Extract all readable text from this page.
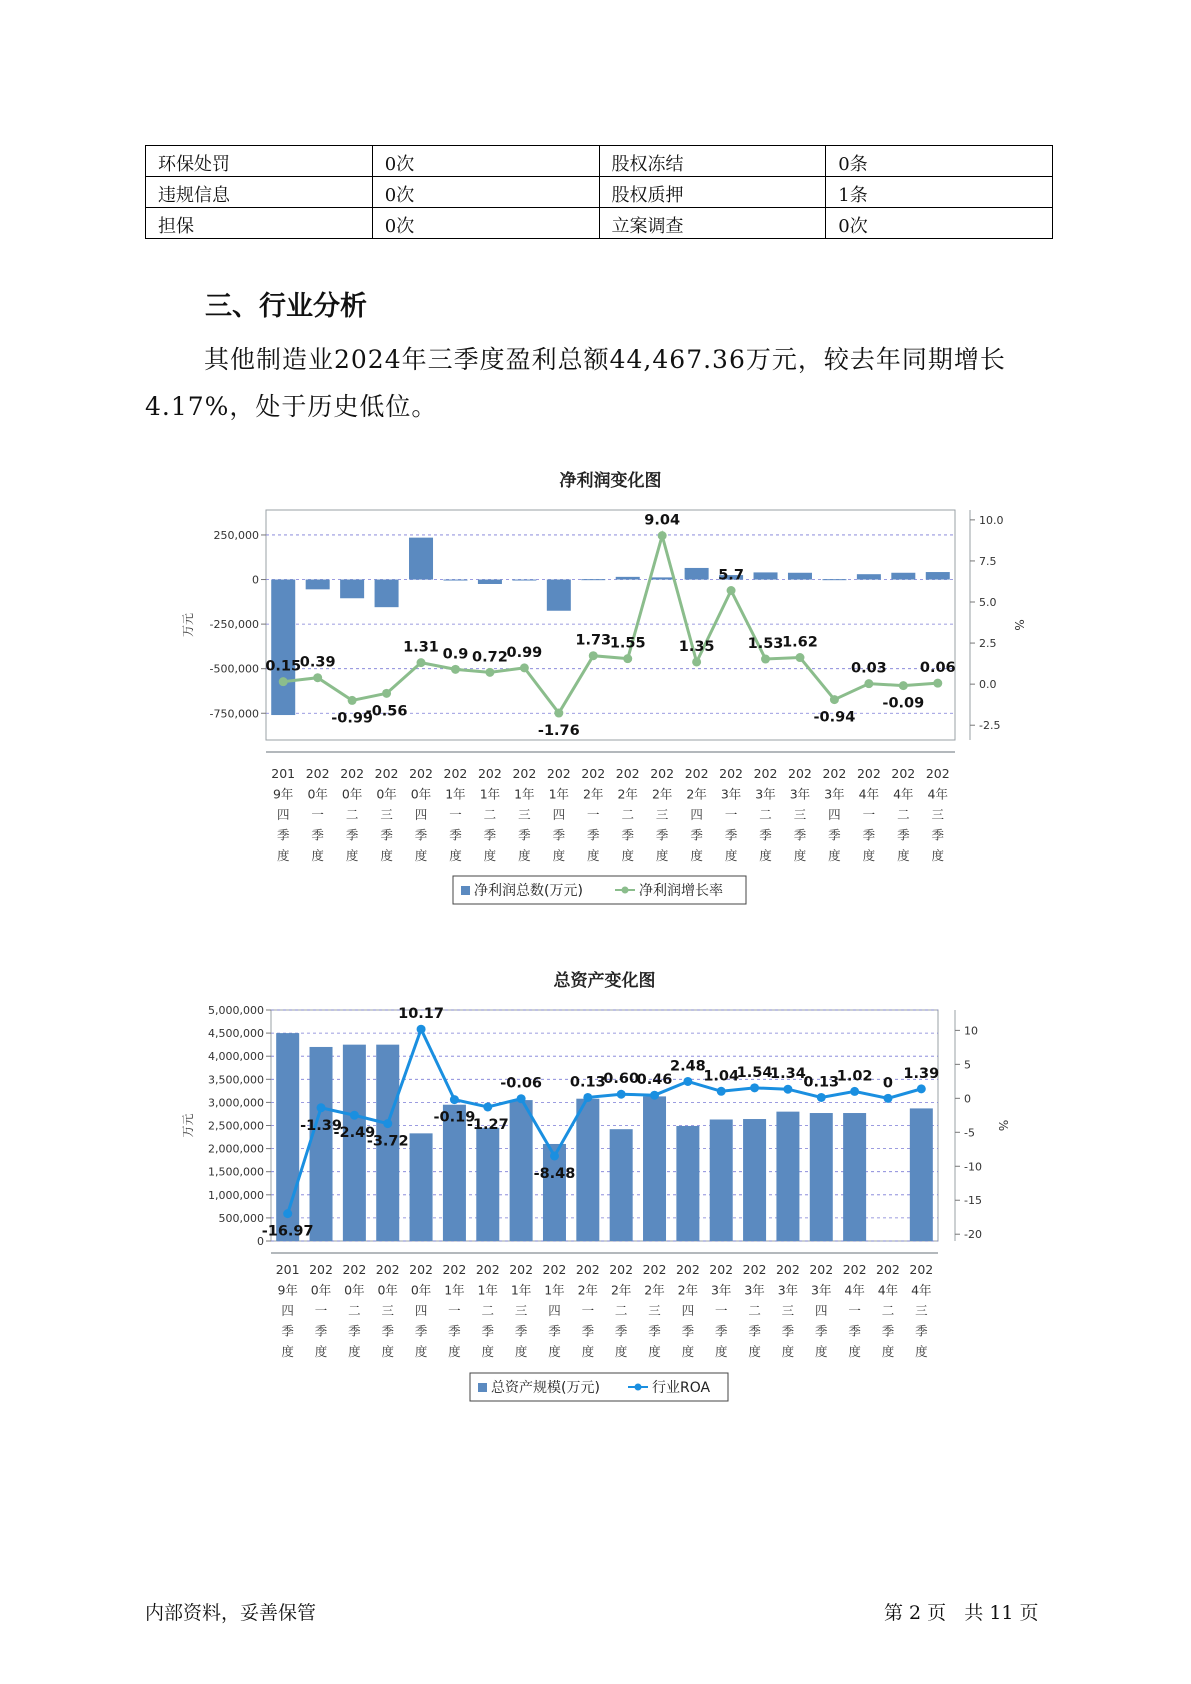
环保处罚	0次	股权冻结	0条
违规信息	0次	股权质押	1条
担保	0次	立案调查	0次
三、行业分析

其他制造业2024年三季度盈利总额44,467.36万元，较去年同期增长4.17%，处于历史低位。

净利润变化图
250,000
0
-250,000
-500,000
-750,000
10.0
7.5
5.0
2.5
0.0
-2.5
万元	%
201 9年四季度
202 0年一季度
202 0年二季度
202 0年三季度
202 0年四季度
202 1年一季度
202 1年二季度
202 1年三季度
202 1年四季度
202 2年一季度
202 2年二季度
202 2年三季度
202 2年四季度
202 3年一季度
202 3年二季度
202 3年三季度
202 3年四季度
202 4年一季度
202 4年二季度
202 4年三季度
0.15
0.39
-0.99
-0.56
1.31 0.9 0.72
0.99
-1.76
1.73
1.55
9.04
1.35
5.7
1.53
1.62
-0.94
0.03
-0.09
0.06
净利润总数(万元)	净利润增长率
总资产变化图
0
500,000
1,000,000
1,500,000
2,000,000
2,500,000
3,000,000
3,500,000
4,000,000
4,500,000
5,000,000
10
5
0
-5
-10
-15
-20
万元	%
201 9年四季度
202 0年一季度
202 0年二季度
202 0年三季度
202 0年四季度
202 1年一季度
202 1年二季度
202 1年三季度
202 1年四季度
202 2年一季度
202 2年二季度
202 2年三季度
202 2年四季度
202 3年一季度
202 3年二季度
202 3年三季度
202 3年四季度
202 4年一季度
202 4年二季度
202 4年三季度
-16.97
-1.39
-2.49
-3.72
10.17
-0.19
-1.27
-0.06
-8.48
0.13
0.60
0.46
2.48
1.04
1.54
1.34
0.13
1.02 0
1.39
总资产规模(万元)	行业ROA
内部资料，妥善保管	第 2 页   共 11 页
